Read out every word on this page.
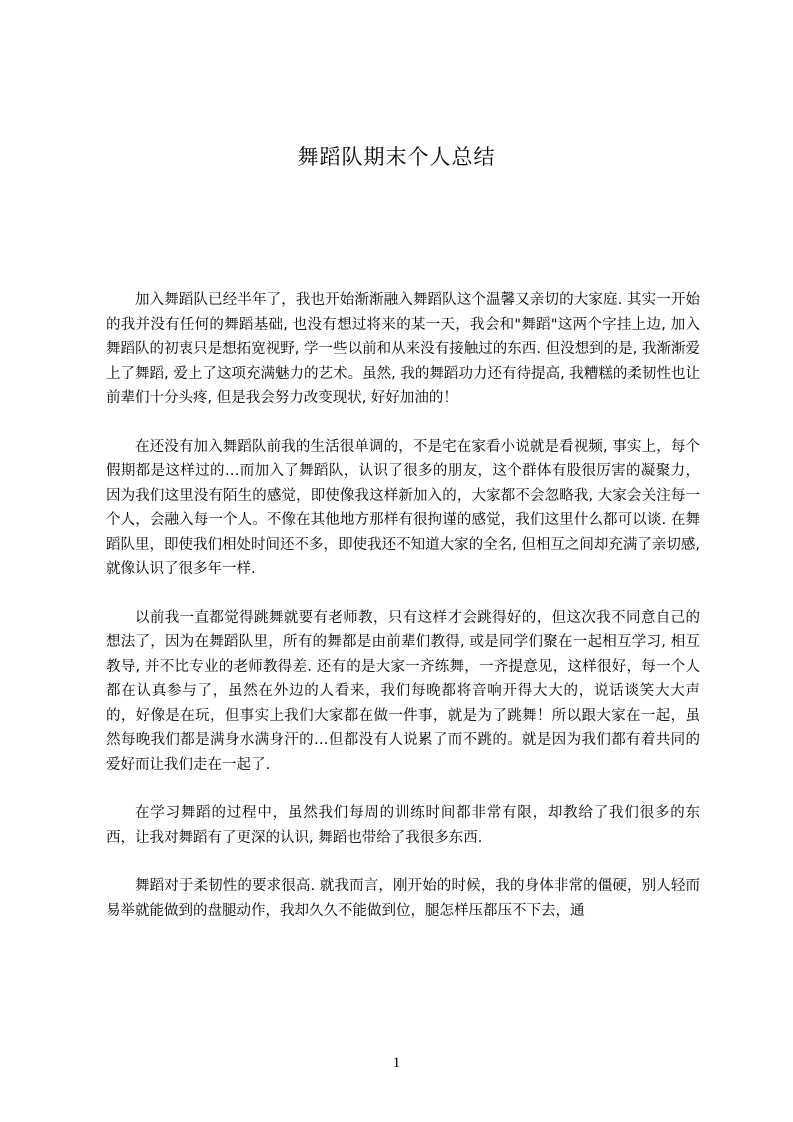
舞蹈队期末个人总结

加入舞蹈队已经半年了，我也开始渐渐融入舞蹈队这个温馨又亲切的大家庭. 其实一开始的我并没有任何的舞蹈基础, 也没有想过将来的某一天，我会和"舞蹈"这两个字挂上边, 加入舞蹈队的初衷只是想拓宽视野, 学一些以前和从来没有接触过的东西. 但没想到的是, 我渐渐爱上了舞蹈, 爱上了这项充满魅力的艺术。虽然, 我的舞蹈功力还有待提高, 我糟糕的柔韧性也让前辈们十分头疼, 但是我会努力改变现状, 好好加油的！

在还没有加入舞蹈队前我的生活很单调的，不是宅在家看小说就是看视频, 事实上，每个假期都是这样过的…而加入了舞蹈队，认识了很多的朋友，这个群体有股很厉害的凝聚力，因为我们这里没有陌生的感觉，即使像我这样新加入的，大家都不会忽略我, 大家会关注每一个人，会融入每一个人。不像在其他地方那样有很拘谨的感觉，我们这里什么都可以谈. 在舞蹈队里，即使我们相处时间还不多，即使我还不知道大家的全名, 但相互之间却充满了亲切感, 就像认识了很多年一样.

以前我一直都觉得跳舞就要有老师教，只有这样才会跳得好的，但这次我不同意自己的想法了，因为在舞蹈队里，所有的舞都是由前辈们教得, 或是同学们聚在一起相互学习, 相互教导, 并不比专业的老师教得差. 还有的是大家一齐练舞，一齐提意见，这样很好，每一个人都在认真参与了，虽然在外边的人看来，我们每晚都将音响开得大大的，说话谈笑大大声的，好像是在玩，但事实上我们大家都在做一件事，就是为了跳舞！所以跟大家在一起，虽然每晚我们都是满身水满身汗的…但都没有人说累了而不跳的。就是因为我们都有着共同的爱好而让我们走在一起了.

在学习舞蹈的过程中，虽然我们每周的训练时间都非常有限，却教给了我们很多的东西，让我对舞蹈有了更深的认识, 舞蹈也带给了我很多东西.

舞蹈对于柔韧性的要求很高. 就我而言，刚开始的时候，我的身体非常的僵硬，别人轻而易举就能做到的盘腿动作，我却久久不能做到位，腿怎样压都压不下去，通

1
